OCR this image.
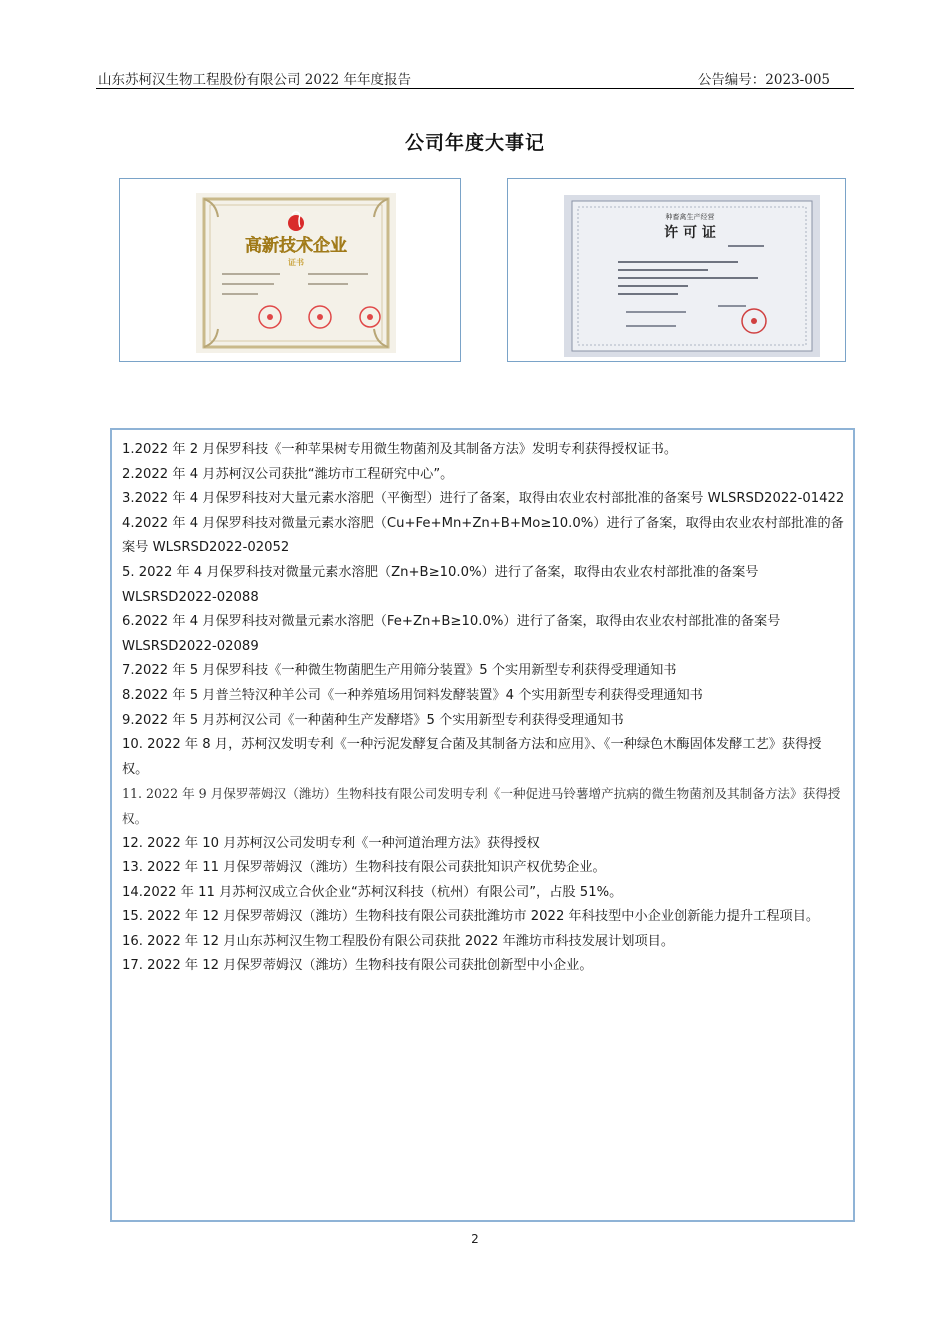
山东苏柯汉生物工程股份有限公司 2022 年年度报告	公告编号：2023-005
公司年度大事记
高新技术企业
证书
种畜禽生产经营
许 可 证

1.2022 年 2 月保罗科技《一种苹果树专用微生物菌剂及其制备方法》发明专利获得授权证书。

2.2022 年 4 月苏柯汉公司获批“潍坊市工程研究中心”。

3.2022 年 4 月保罗科技对大量元素水溶肥（平衡型）进行了备案，取得由农业农村部批准的备案号 WLSRSD2022-01422

4.2022 年 4 月保罗科技对微量元素水溶肥（Cu+Fe+Mn+Zn+B+Mo≥10.0%）进行了备案，取得由农业农村部批准的备案号 WLSRSD2022-02052

5. 2022 年 4 月保罗科技对微量元素水溶肥（Zn+B≥10.0%）进行了备案，取得由农业农村部批准的备案号 WLSRSD2022-02088

6.2022 年 4 月保罗科技对微量元素水溶肥（Fe+Zn+B≥10.0%）进行了备案，取得由农业农村部批准的备案号 WLSRSD2022-02089

7.2022 年 5 月保罗科技《一种微生物菌肥生产用筛分装置》5 个实用新型专利获得受理通知书

8.2022 年 5 月普兰特汉种羊公司《一种养殖场用饲料发酵装置》4 个实用新型专利获得受理通知书

9.2022 年 5 月苏柯汉公司《一种菌种生产发酵塔》5 个实用新型专利获得受理通知书

10. 2022 年 8 月，苏柯汉发明专利《一种污泥发酵复合菌及其制备方法和应用》、《一种绿色木酶固体发酵工艺》获得授权。

11. 2022 年 9 月保罗蒂姆汉（潍坊）生物科技有限公司发明专利《一种促进马铃薯增产抗病的微生物菌剂及其制备方法》获得授权。

12. 2022 年 10 月苏柯汉公司发明专利《一种河道治理方法》获得授权

13. 2022 年 11 月保罗蒂姆汉（潍坊）生物科技有限公司获批知识产权优势企业。

14.2022 年 11 月苏柯汉成立合伙企业“苏柯汉科技（杭州）有限公司”，占股 51%。

15. 2022 年 12 月保罗蒂姆汉（潍坊）生物科技有限公司获批潍坊市 2022 年科技型中小企业创新能力提升工程项目。

16. 2022 年 12 月山东苏柯汉生物工程股份有限公司获批 2022 年潍坊市科技发展计划项目。

17. 2022 年 12 月保罗蒂姆汉（潍坊）生物科技有限公司获批创新型中小企业。

2
